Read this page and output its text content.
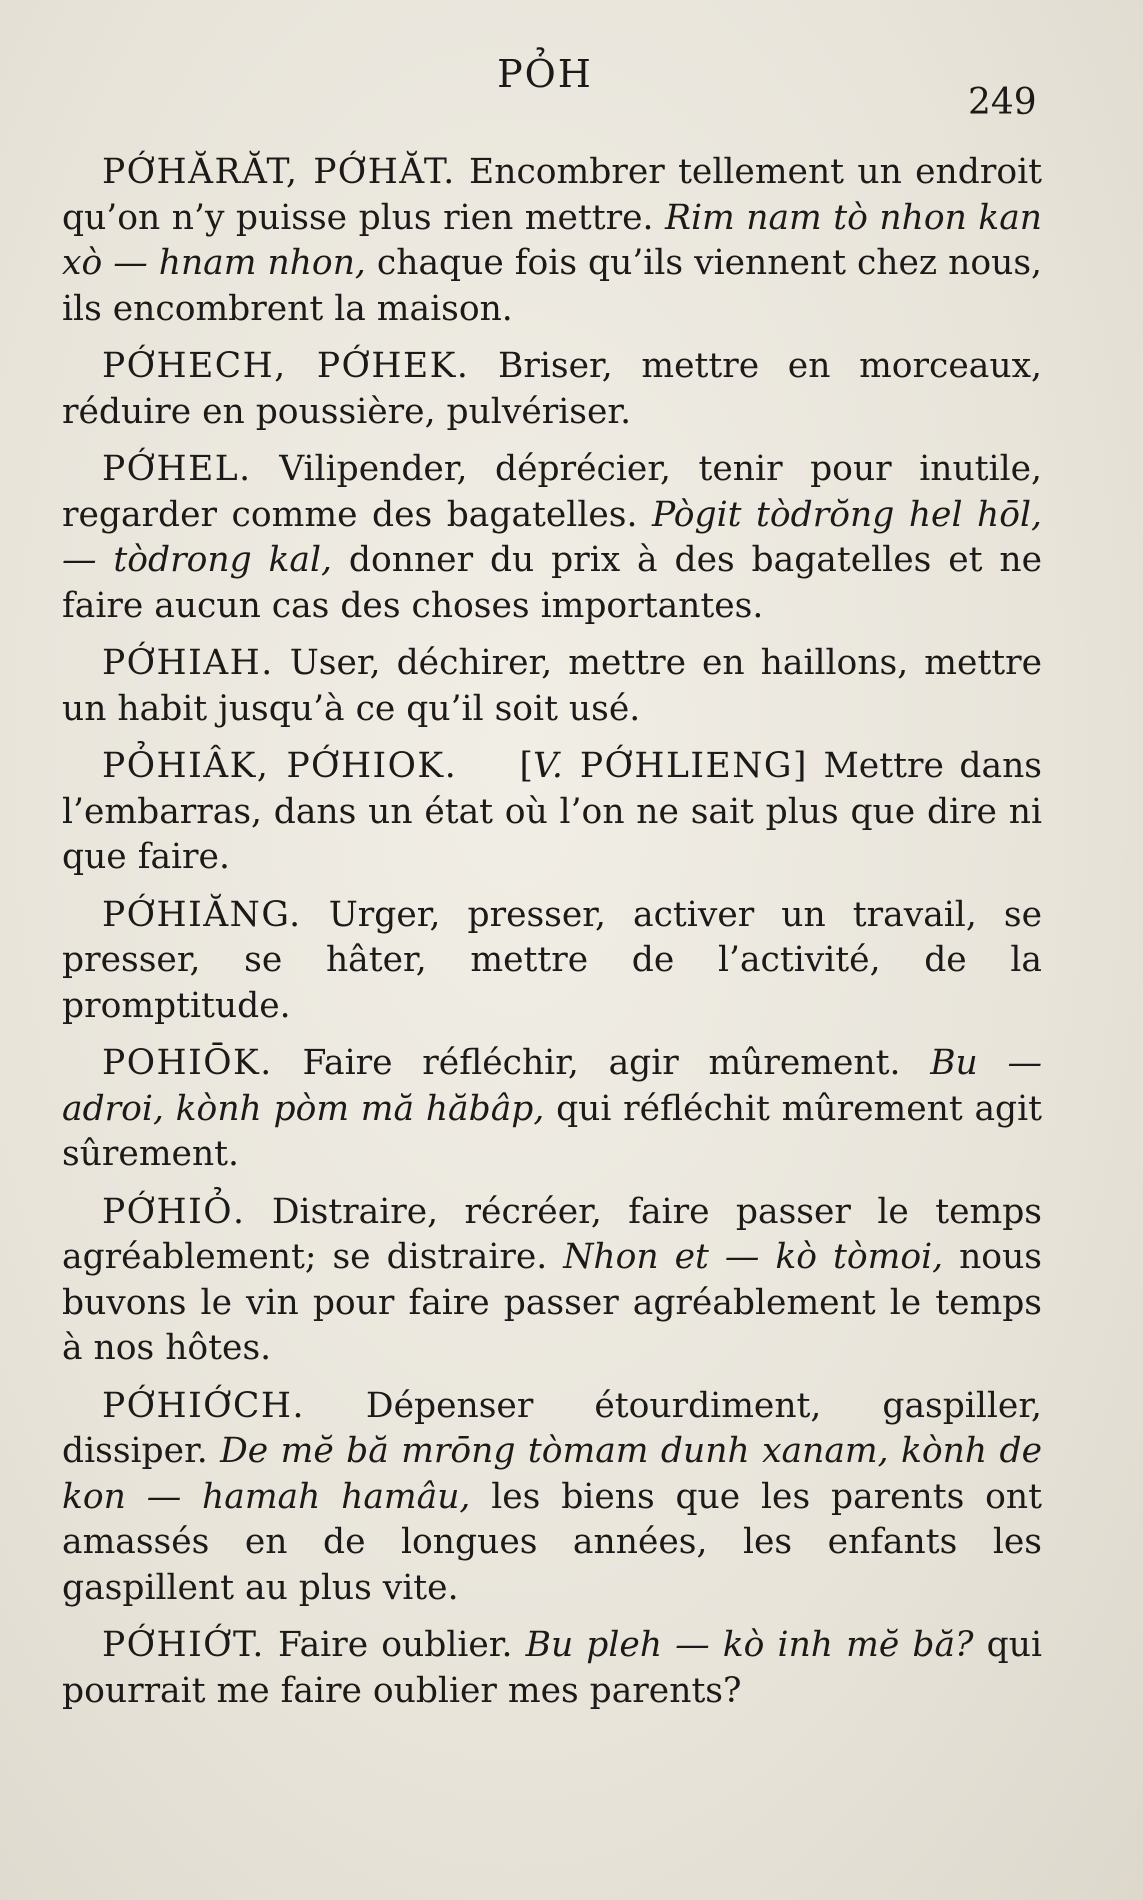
PỎH
249

PỚHĂRĂT, PỚHĂT. Encombrer tellement un endroit qu’on n’y puisse plus rien mettre. Rim nam tò nhon kan xò — hnam nhon, chaque fois qu’ils viennent chez nous, ils encombrent la maison.

PỚHECH, PỚHEK. Briser, mettre en morceaux, réduire en poussière, pulvériser.

PỚHEL. Vilipender, déprécier, tenir pour inutile, regarder comme des bagatelles. Pògit tòdrŏng hel hōl, — tòdrong kal, donner du prix à des bagatelles et ne faire aucun cas des choses importantes.

PỚHIAH. User, déchirer, mettre en haillons, mettre un habit jusqu’à ce qu’il soit usé.

PỎHIÂK, PỚHIOK.    [V. PỚHLIENG] Mettre dans l’embarras, dans un état où l’on ne sait plus que dire ni que faire.

PỚHIĂNG. Urger, presser, activer un travail, se presser, se hâter, mettre de l’activité, de la promptitude.

POHIŌK. Faire réfléchir, agir mûrement. Bu — adroi, kònh pòm mă hăbâp, qui réfléchit mûrement agit sûrement.

PỚHIỎ. Distraire, récréer, faire passer le temps agréablement; se distraire. Nhon et — kò tòmoi, nous buvons le vin pour faire passer agréablement le temps à nos hôtes.

PỚHIỚCH. Dépenser étourdiment, gaspiller, dissiper. De mĕ bă mrōng tòmam dunh xanam, kònh de kon — hamah hamâu, les biens que les parents ont amassés en de longues années, les enfants les gaspillent au plus vite.

PỚHIỚT. Faire oublier. Bu pleh — kò inh mĕ bă? qui pourrait me faire oublier mes parents?
